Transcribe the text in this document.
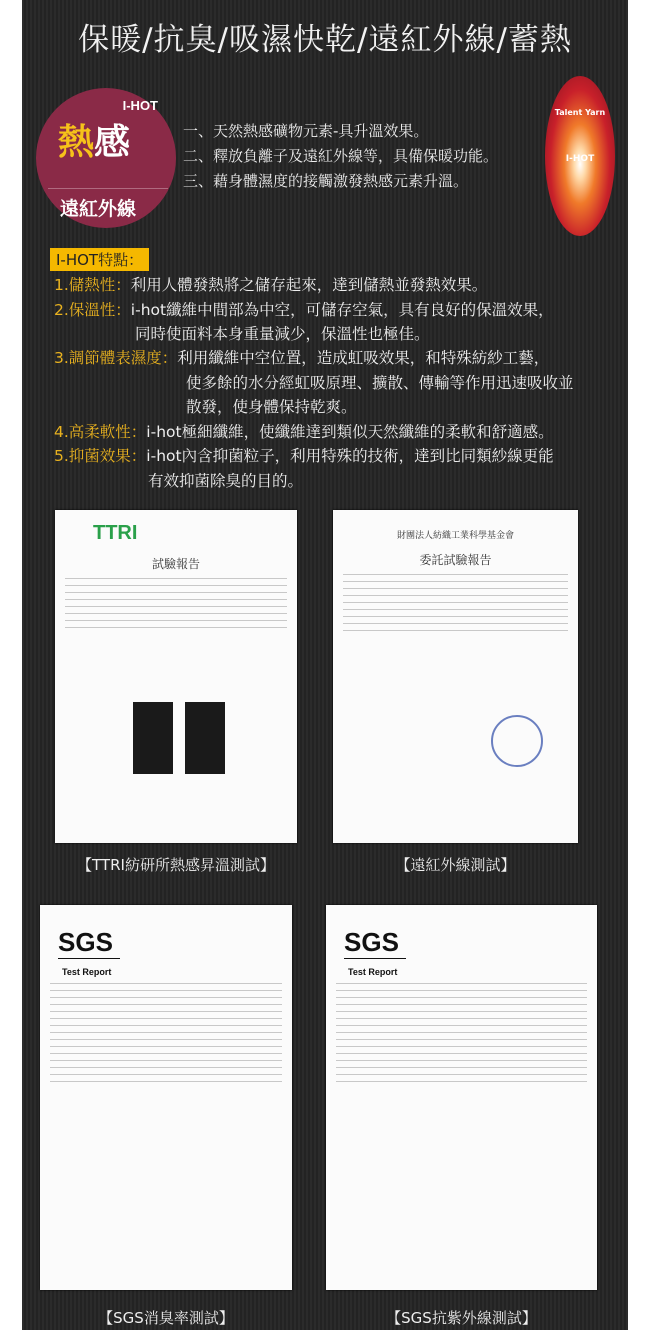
保暖/抗臭/吸濕快乾/遠紅外線/蓄熱
I-HOT
熱感
遠紅外線
一、天然熱感礦物元素-具升溫效果。
二、釋放負離子及遠紅外線等，具備保暖功能。
三、藉身體濕度的接觸激發熱感元素升溫。
Talent Yarn
I-HOT
I-HOT特點：
1.儲熱性：利用人體發熱將之儲存起來，達到儲熱並發熱效果。
2.保溫性：i-hot纖維中間部為中空，可儲存空氣，具有良好的保溫效果，
同時使面料本身重量減少，保溫性也極佳。
3.調節體表濕度：利用纖維中空位置，造成虹吸效果，和特殊紡紗工藝，
使多餘的水分經虹吸原理、擴散、傳輸等作用迅速吸收並
散發，使身體保持乾爽。
4.高柔軟性：i-hot極細纖維，使纖維達到類似天然纖維的柔軟和舒適感。
5.抑菌效果：i-hot內含抑菌粒子，利用特殊的技術，達到比同類紗線更能
有效抑菌除臭的目的。
TTRI
試驗報告
【TTRI紡研所熱感昇溫測試】
財團法人紡織工業科學基金會
委託試驗報告
【遠紅外線測試】
SGS
Test Report
【SGS消臭率測試】
SGS
Test Report
【SGS抗紫外線測試】
